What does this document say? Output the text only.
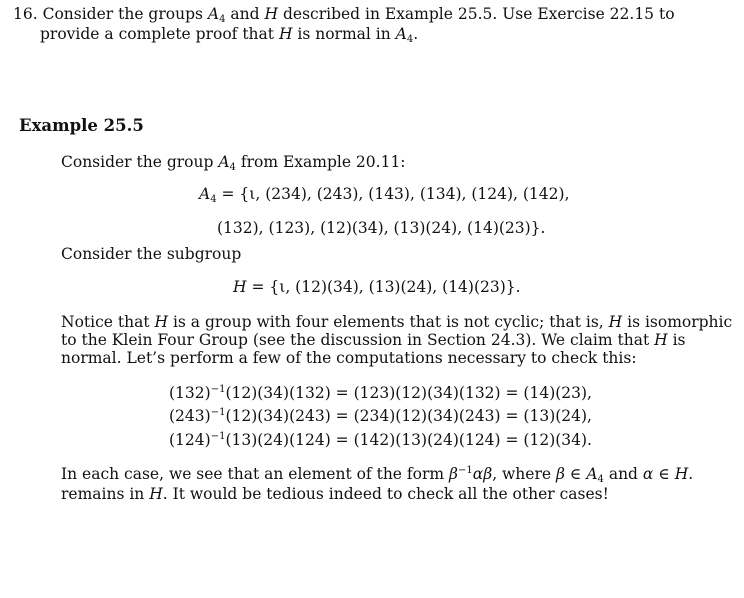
16. Consider the groups $A_4$ and H described in Example 25.5. Use Exercise 22.15 to
provide a complete proof that H is normal in $A_4$.
Example 25.5
Consider the group $A_4$ from Example 20.11:
$A_4 = \{\iota$, (234), (243), (143), (134), (124), (142),
(132), (123), (12)(34), (13)(24), (14)(23)}.
Consider the subgroup
H = {ι, (12)(34), (13)(24), (14)(23)}.
Notice that H is a group with four elements that is not cyclic; that is, H is isomorphic
to the Klein Four Group (see the discussion in Section 24.3). We claim that H is
normal. Let’s perform a few of the computations necessary to check this:
$(132)^{-1}(12)(34)(132) = (123)(12)(34)(132) = (14)(23)$,
$(243)^{-1}(12)(34)(243) = (234)(12)(34)(243) = (13)(24)$,
$(124)^{-1}(13)(24)(124) = (142)(13)(24)(124) = (12)(34)$.
In each case, we see that an element of the form $\beta^{-1}\alpha\beta$, where β ∈ $A_4$ and α ∈ H.
remains in H. It would be tedious indeed to check all the other cases!
